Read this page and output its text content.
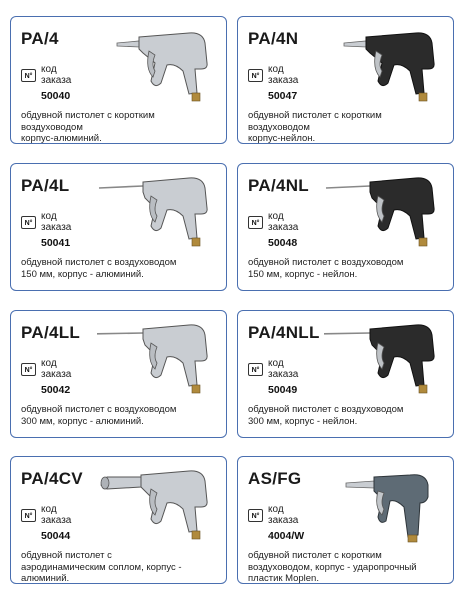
PA/4
N°
код
заказа
50040
обдувной пистолет с коротким
воздуховодом
корпус-алюминий.
PA/4N
N°
код
заказа
50047
обдувной пистолет с коротким
воздуховодом
корпус-нейлон.
PA/4L
N°
код
заказа
50041
обдувной пистолет с воздуховодом
150 мм, корпус - алюминий.
PA/4NL
N°
код
заказа
50048
обдувной пистолет с воздуховодом
150 мм, корпус - нейлон.
PA/4LL
N°
код
заказа
50042
обдувной пистолет с воздуховодом
300 мм, корпус - алюминий.
PA/4NLL
N°
код
заказа
50049
обдувной пистолет с воздуховодом
300 мм, корпус - нейлон.
PA/4CV
N°
код
заказа
50044
обдувной пистолет с
аэродинамическим соплом, корпус -
алюминий.
AS/FG
N°
код
заказа
4004/W
обдувной пистолет с коротким
воздуховодом, корпус - ударопрочный
пластик Moplen.
